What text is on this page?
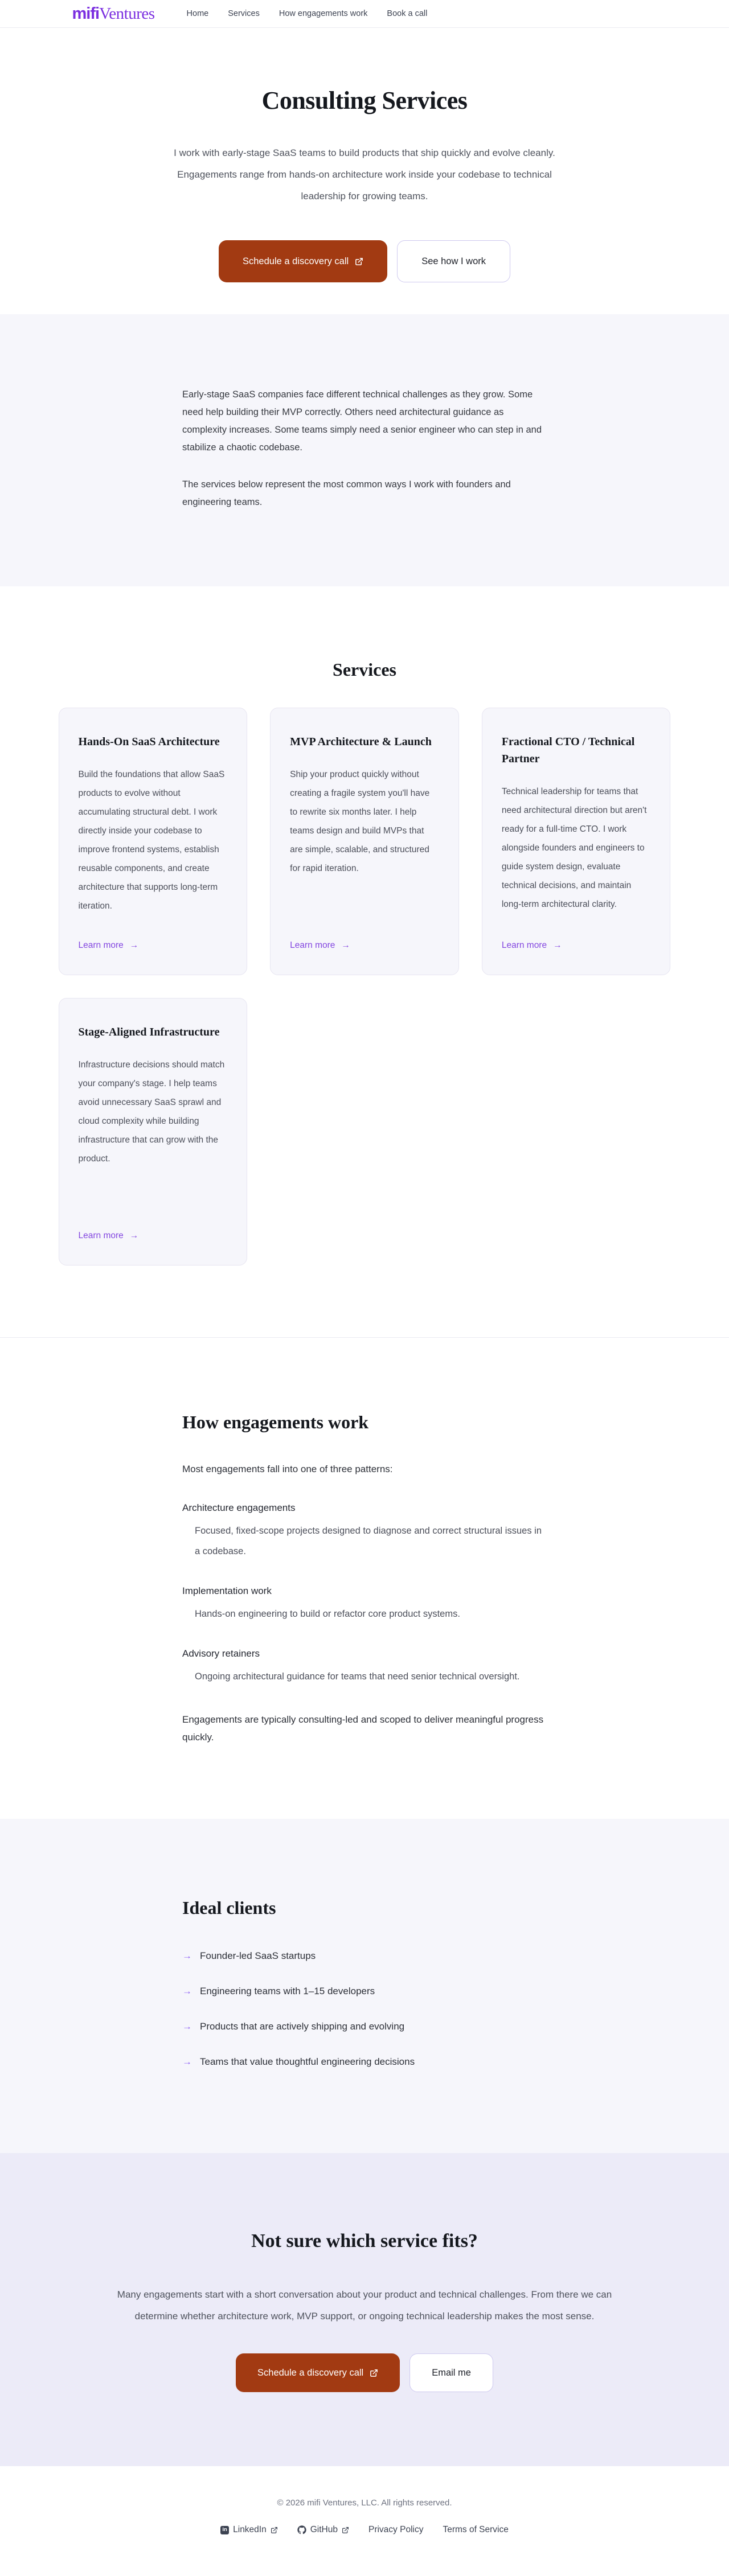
mifiVentures	Home Services How engagements work Book a call
Consulting Services

I work with early-stage SaaS teams to build products that ship quickly and evolve cleanly. Engagements range from hands-on architecture work inside your codebase to technical leadership for growing teams.

Schedule a discovery call	See how I work

Early-stage SaaS companies face different technical challenges as they grow. Some need help building their MVP correctly. Others need architectural guidance as complexity increases. Some teams simply need a senior engineer who can step in and stabilize a chaotic codebase.

The services below represent the most common ways I work with founders and engineering teams.

Services
Hands-On SaaS Architecture

Build the foundations that allow SaaS products to evolve without accumulating structural debt. I work directly inside your codebase to improve frontend systems, establish reusable components, and create architecture that supports long-term iteration.

Learn more →
MVP Architecture & Launch

Ship your product quickly without creating a fragile system you'll have to rewrite six months later. I help teams design and build MVPs that are simple, scalable, and structured for rapid iteration.

Learn more →
Fractional CTO / Technical Partner

Technical leadership for teams that need architectural direction but aren't ready for a full-time CTO. I work alongside founders and engineers to guide system design, evaluate technical decisions, and maintain long-term architectural clarity.

Learn more →
Stage-Aligned Infrastructure

Infrastructure decisions should match your company's stage. I help teams avoid unnecessary SaaS sprawl and cloud complexity while building infrastructure that can grow with the product.

Learn more →
How engagements work

Most engagements fall into one of three patterns:

Architecture engagements

Focused, fixed-scope projects designed to diagnose and correct structural issues in a codebase.

Implementation work

Hands-on engineering to build or refactor core product systems.

Advisory retainers

Ongoing architectural guidance for teams that need senior technical oversight.

Engagements are typically consulting-led and scoped to deliver meaningful progress quickly.

Ideal clients
→ Founder-led SaaS startups
→ Engineering teams with 1–15 developers
→ Products that are actively shipping and evolving
→ Teams that value thoughtful engineering decisions
Not sure which service fits?

Many engagements start with a short conversation about your product and technical challenges. From there we can determine whether architecture work, MVP support, or ongoing technical leadership makes the most sense.

Schedule a discovery call	Email me

© 2026 mifi Ventures, LLC. All rights reserved.

in LinkedIn	GitHub	Privacy Policy Terms of Service
